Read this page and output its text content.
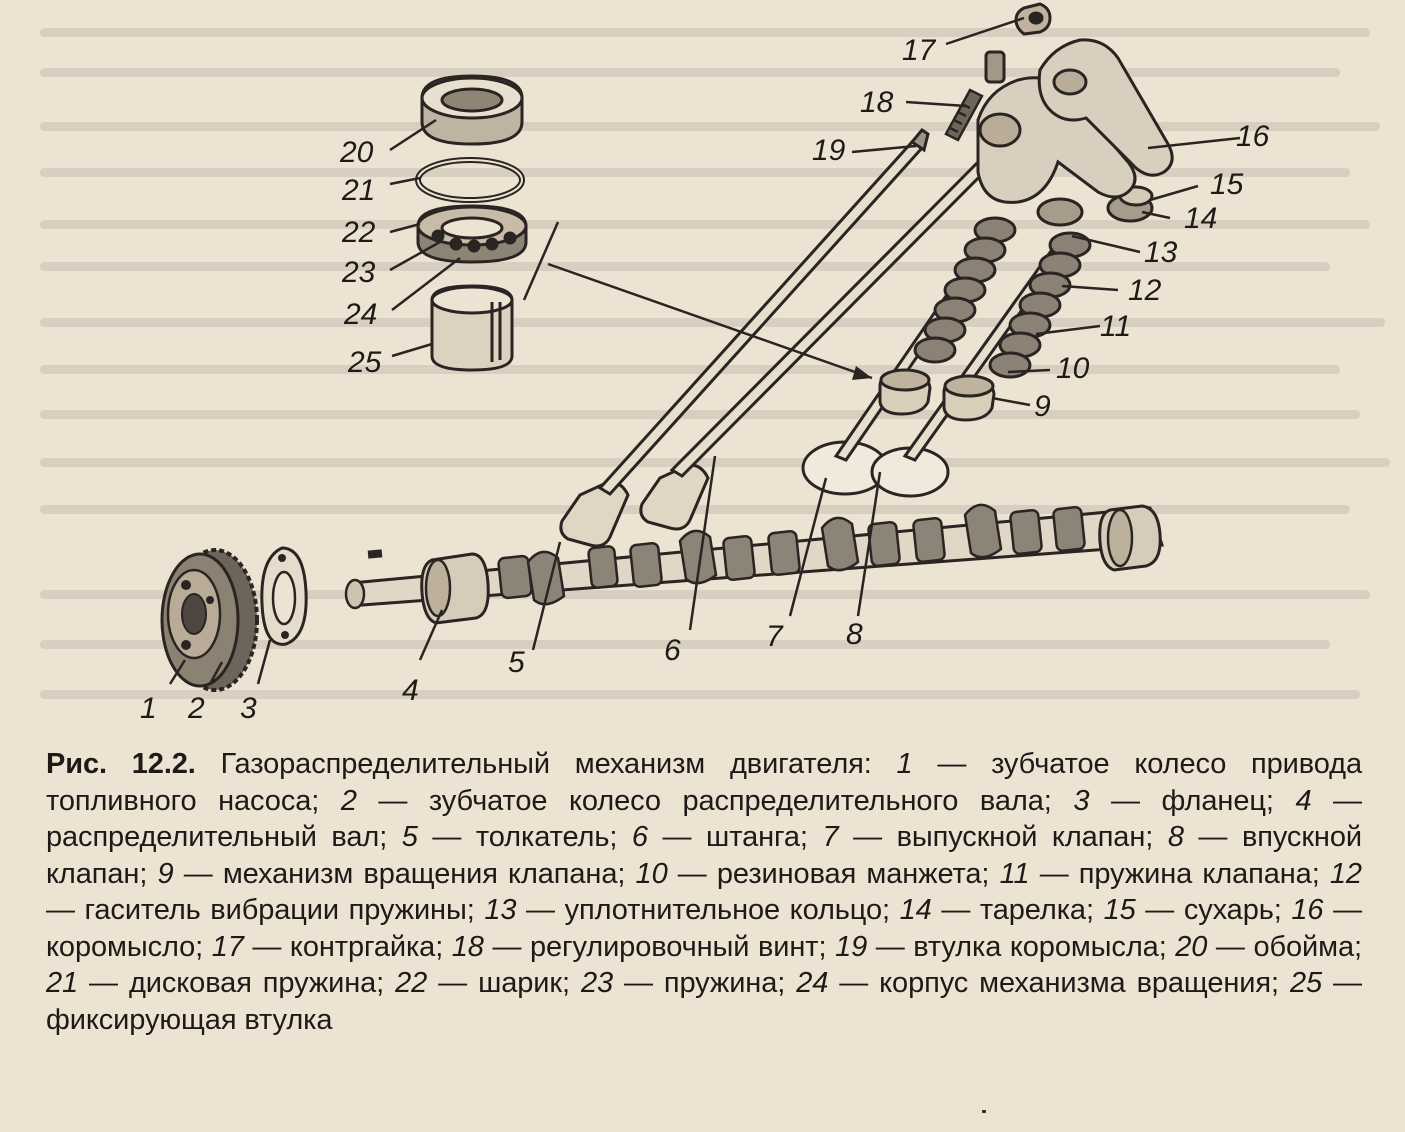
1 2 3
4
5	6	7 8
9
10
11
12
13
14
15
16
17
18
19
20
21
22
23
24
25
Рис. 12.2. Газораспределительный механизм двигателя: 1 — зубчатое колесо привода топливного насоса; 2 — зубчатое колесо распределительного вала; 3 — фланец; 4 — распределительный вал; 5 — толкатель; 6 — штанга; 7 — выпускной клапан; 8 — впускной клапан; 9 — механизм вращения клапана; 10 — резиновая манжета; 11 — пружина клапана; 12 — гаситель вибрации пружины; 13 — уплотнительное кольцо; 14 — тарелка; 15 — сухарь; 16 — коромысло; 17 — контргайка; 18 — регулировочный винт; 19 — втулка коромысла; 20 — обойма; 21 — дисковая пружина; 22 — шарик; 23 — пружина; 24 — корпус механизма вращения; 25 — фиксирующая втулка
